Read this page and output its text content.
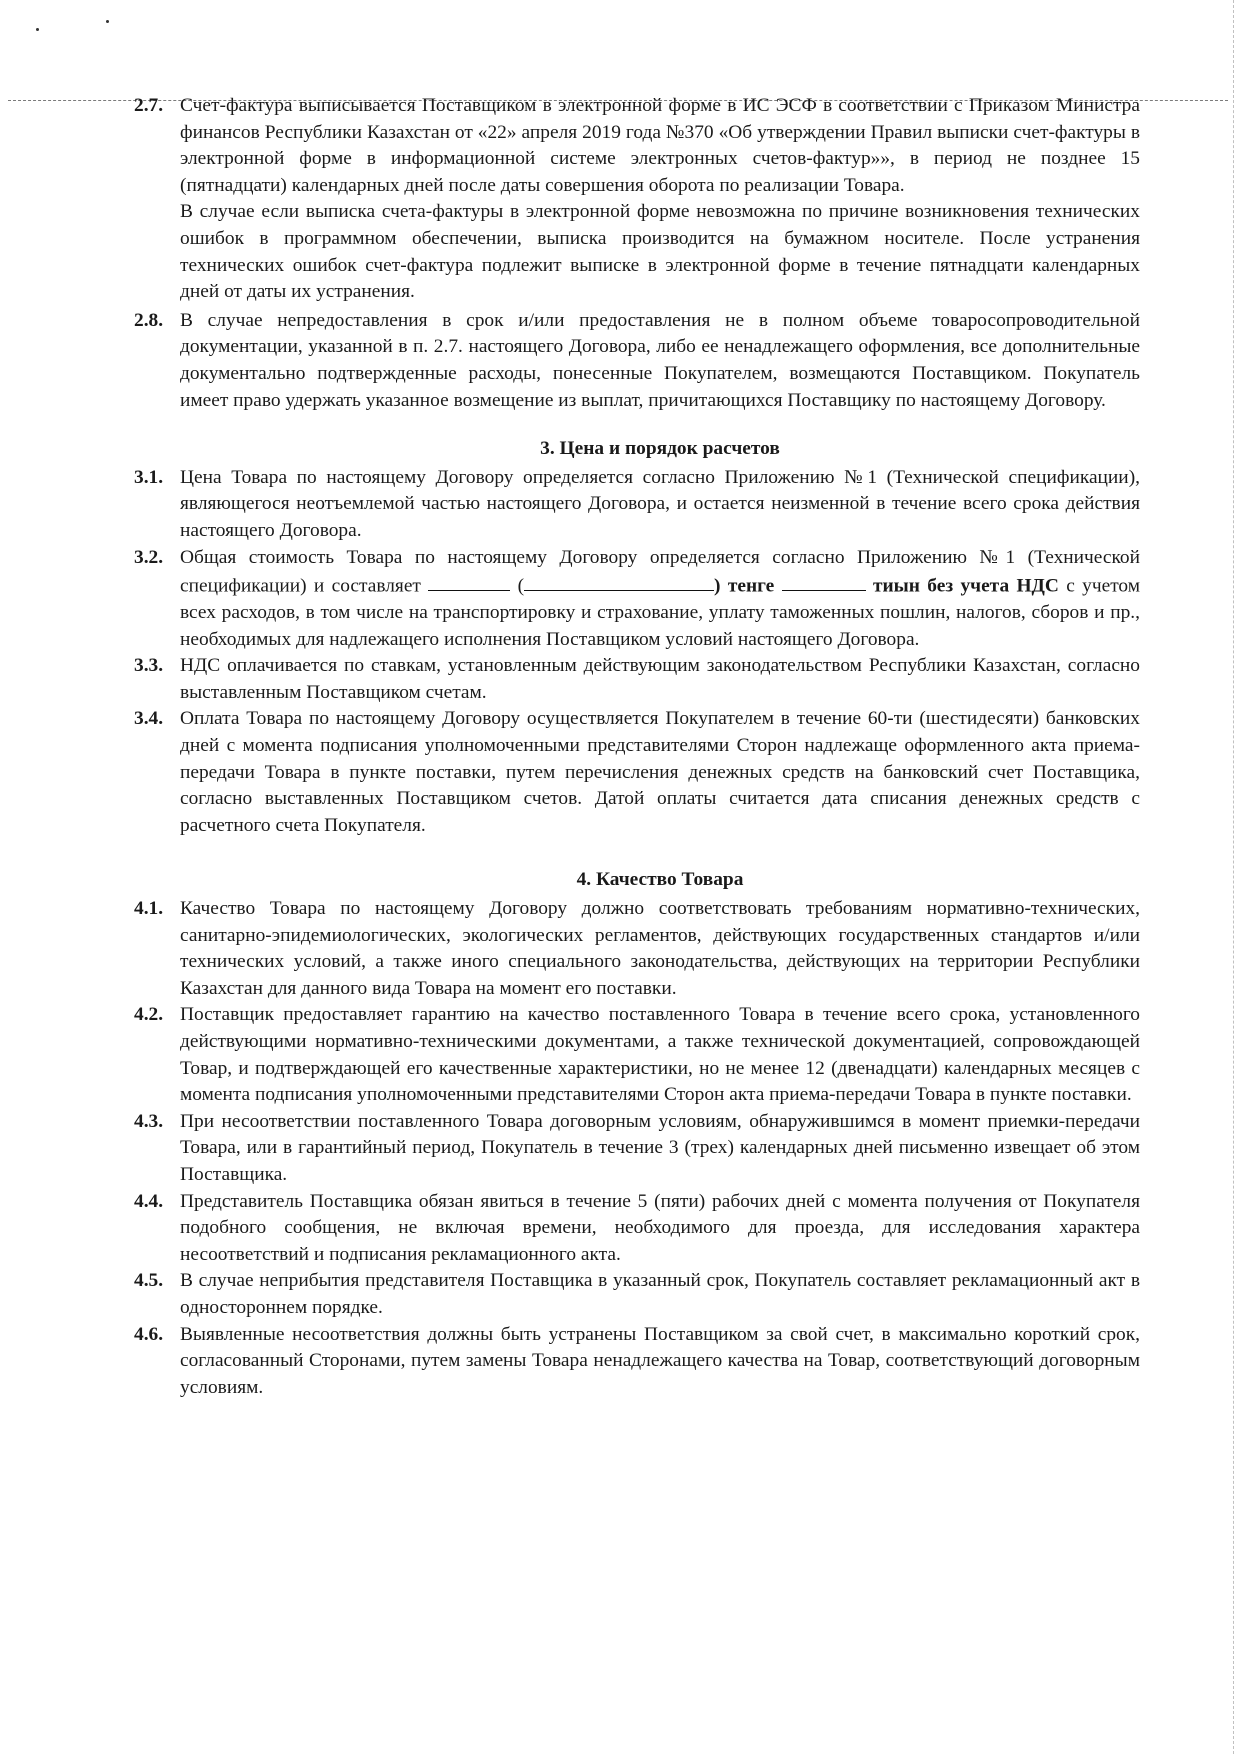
2.7. Счет-фактура выписывается Поставщиком в электронной форме в ИС ЭСФ в соответствии с Приказом Министра финансов Республики Казахстан от «22» апреля 2019 года №370 «Об утверждении Правил выписки счет-фактуры в электронной форме в информационной системе электронных счетов-фактур»», в период не позднее 15 (пятнадцати) календарных дней после даты совершения оборота по реализации Товара.

В случае если выписка счета-фактуры в электронной форме невозможна по причине возникновения технических ошибок в программном обеспечении, выписка производится на бумажном носителе. После устранения технических ошибок счет-фактура подлежит выписке в электронной форме в течение пятнадцати календарных дней от даты их устранения.

2.8. В случае непредоставления в срок и/или предоставления не в полном объеме товаросопроводительной документации, указанной в п. 2.7. настоящего Договора, либо ее ненадлежащего оформления, все дополнительные документально подтвержденные расходы, понесенные Покупателем, возмещаются Поставщиком. Покупатель имеет право удержать указанное возмещение из выплат, причитающихся Поставщику по настоящему Договору.

3. Цена и порядок расчетов
3.1. Цена Товара по настоящему Договору определяется согласно Приложению №1 (Технической спецификации), являющегося неотъемлемой частью настоящего Договора, и остается неизменной в течение всего срока действия настоящего Договора.

3.2. Общая стоимость Товара по настоящему Договору определяется согласно Приложению №1 (Технической спецификации) и составляет	(	) тенге	тиын без учета НДС с учетом всех расходов, в том числе на транспортировку и страхование, уплату таможенных пошлин, налогов, сборов и пр., необходимых для надлежащего исполнения Поставщиком условий настоящего Договора.

3.3. НДС оплачивается по ставкам, установленным действующим законодательством Республики Казахстан, согласно выставленным Поставщиком счетам.

3.4. Оплата Товара по настоящему Договору осуществляется Покупателем в течение 60-ти (шестидесяти) банковских дней с момента подписания уполномоченными представителями Сторон надлежаще оформленного акта приема-передачи Товара в пункте поставки, путем перечисления денежных средств на банковский счет Поставщика, согласно выставленных Поставщиком счетов. Датой оплаты считается дата списания денежных средств с расчетного счета Покупателя.

4. Качество Товара
4.1. Качество Товара по настоящему Договору должно соответствовать требованиям нормативно-технических, санитарно-эпидемиологических, экологических регламентов, действующих государственных стандартов и/или технических условий, а также иного специального законодательства, действующих на территории Республики Казахстан для данного вида Товара на момент его поставки.

4.2. Поставщик предоставляет гарантию на качество поставленного Товара в течение всего срока, установленного действующими нормативно-техническими документами, а также технической документацией, сопровождающей Товар, и подтверждающей его качественные характеристики, но не менее 12 (двенадцати) календарных месяцев с момента подписания уполномоченными представителями Сторон акта приема-передачи Товара в пункте поставки.

4.3. При несоответствии поставленного Товара договорным условиям, обнаружившимся в момент приемки-передачи Товара, или в гарантийный период, Покупатель в течение 3 (трех) календарных дней письменно извещает об этом Поставщика.

4.4. Представитель Поставщика обязан явиться в течение 5 (пяти) рабочих дней с момента получения от Покупателя подобного сообщения, не включая времени, необходимого для проезда, для исследования характера несоответствий и подписания рекламационного акта.

4.5. В случае неприбытия представителя Поставщика в указанный срок, Покупатель составляет рекламационный акт в одностороннем порядке.

4.6. Выявленные несоответствия должны быть устранены Поставщиком за свой счет, в максимально короткий срок, согласованный Сторонами, путем замены Товара ненадлежащего качества на Товар, соответствующий договорным условиям.
